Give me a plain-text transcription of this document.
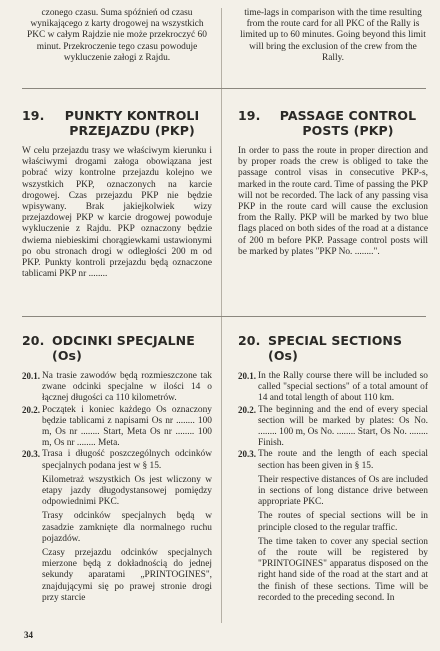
czonego czasu. Suma spóźnień od czasu wynikającego z karty drogowej na wszystkich PKC w całym Rajdzie nie może przekroczyć 60 minut. Przekroczenie tego czasu powoduje wykluczenie załogi z Rajdu.

19.	PUNKTY KONTROLI PRZEJAZDU (PKP)

W celu przejazdu trasy we właściwym kierunku i właściwymi drogami załoga obowiązana jest pobrać wizy kontrolne przejazdu kolejno we wszystkich PKP, oznaczonych na karcie drogowej. Czas przejazdu PKP nie będzie wpisywany. Brak jakiejkolwiek wizy przejazdowej PKP w karcie drogowej powoduje wykluczenie z Rajdu. PKP oznaczony będzie dwiema niebieskimi chorągiewkami ustawionymi po obu stronach drogi w odległości 200 m od PKP. Punkty kontroli przejazdu będą oznaczone tablicami PKP nr ........

20. ODCINKI SPECJALNE (Os)
20.1. Na trasie zawodów będą rozmieszczone tak zwane odcinki specjalne w ilości 14 o łącznej długości ca 110 kilometrów.

20.2. Początek i koniec każdego Os oznaczony będzie tablicami z napisami Os nr ........ 100 m, Os nr ........ Start, Meta Os nr ........ 100 m, Os nr ........ Meta.

20.3. Trasa i długość poszczególnych odcinków specjalnych podana jest w § 15.

Kilometraż wszystkich Os jest wliczony w etapy jazdy długodystansowej pomiędzy odpowiednimi PKC.

Trasy odcinków specjalnych będą w zasadzie zamknięte dla normalnego ruchu pojazdów.

Czasy przejazdu odcinków specjalnych mierzone będą z dokładnością do jednej sekundy aparatami „PRINTOGINES", znajdującymi się po prawej stronie drogi przy starcie

time-lags in comparison with the time resulting from the route card for all PKC of the Rally is limited up to 60 minutes. Going beyond this limit will bring the exclusion of the crew from the Rally.

19.	PASSAGE CONTROL POSTS (PKP)

In order to pass the route in proper direction and by proper roads the crew is obliged to take the passage control visas in consecutive PKP-s, marked in the route card. Time of passing the PKP will not be recorded. The lack of any passing visa PKP in the route card will cause the exclusion from the Rally. PKP will be marked by two blue flags placed on both sides of the road at a distance of 200 m before PKP. Passage control posts will be marked by plates "PKP No. ........".

20. SPECIAL SECTIONS (Os)
20.1. In the Rally course there will be included so called "special sections" of a total amount of 14 and total length of about 110 km.

20.2. The beginning and the end of every special section will be marked by plates: Os No. ........ 100 m, Os No. ........ Start, Os No. ........ Finish.

20.3. The route and the length of each special section has been given in § 15.

Their respective distances of Os are included in sections of long distance drive between appropriate PKC.

The routes of special sections will be in principle closed to the regular traffic.

The time taken to cover any special section of the route will be registered by "PRINTOGINES" apparatus disposed on the right hand side of the road at the start and at the finish of these sections. Time will be recorded to the preceding second. In

34
